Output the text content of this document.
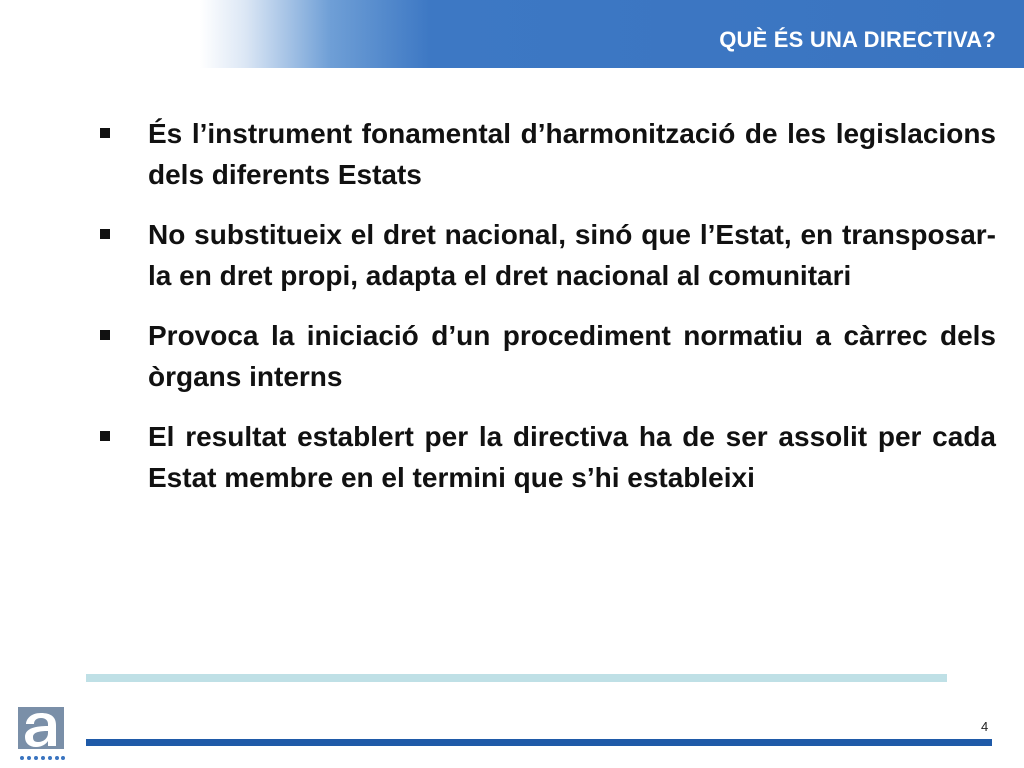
QUÈ ÉS UNA DIRECTIVA?
És l’instrument fonamental d’harmonització de les legislacions dels diferents Estats
No substitueix el dret nacional, sinó que l’Estat, en transposar-la en dret propi, adapta el dret nacional al comunitari
Provoca la iniciació d’un procediment normatiu a càrrec dels òrgans interns
El resultat establert per la directiva ha de ser assolit per cada Estat membre en el termini que s’hi estableixi
4
